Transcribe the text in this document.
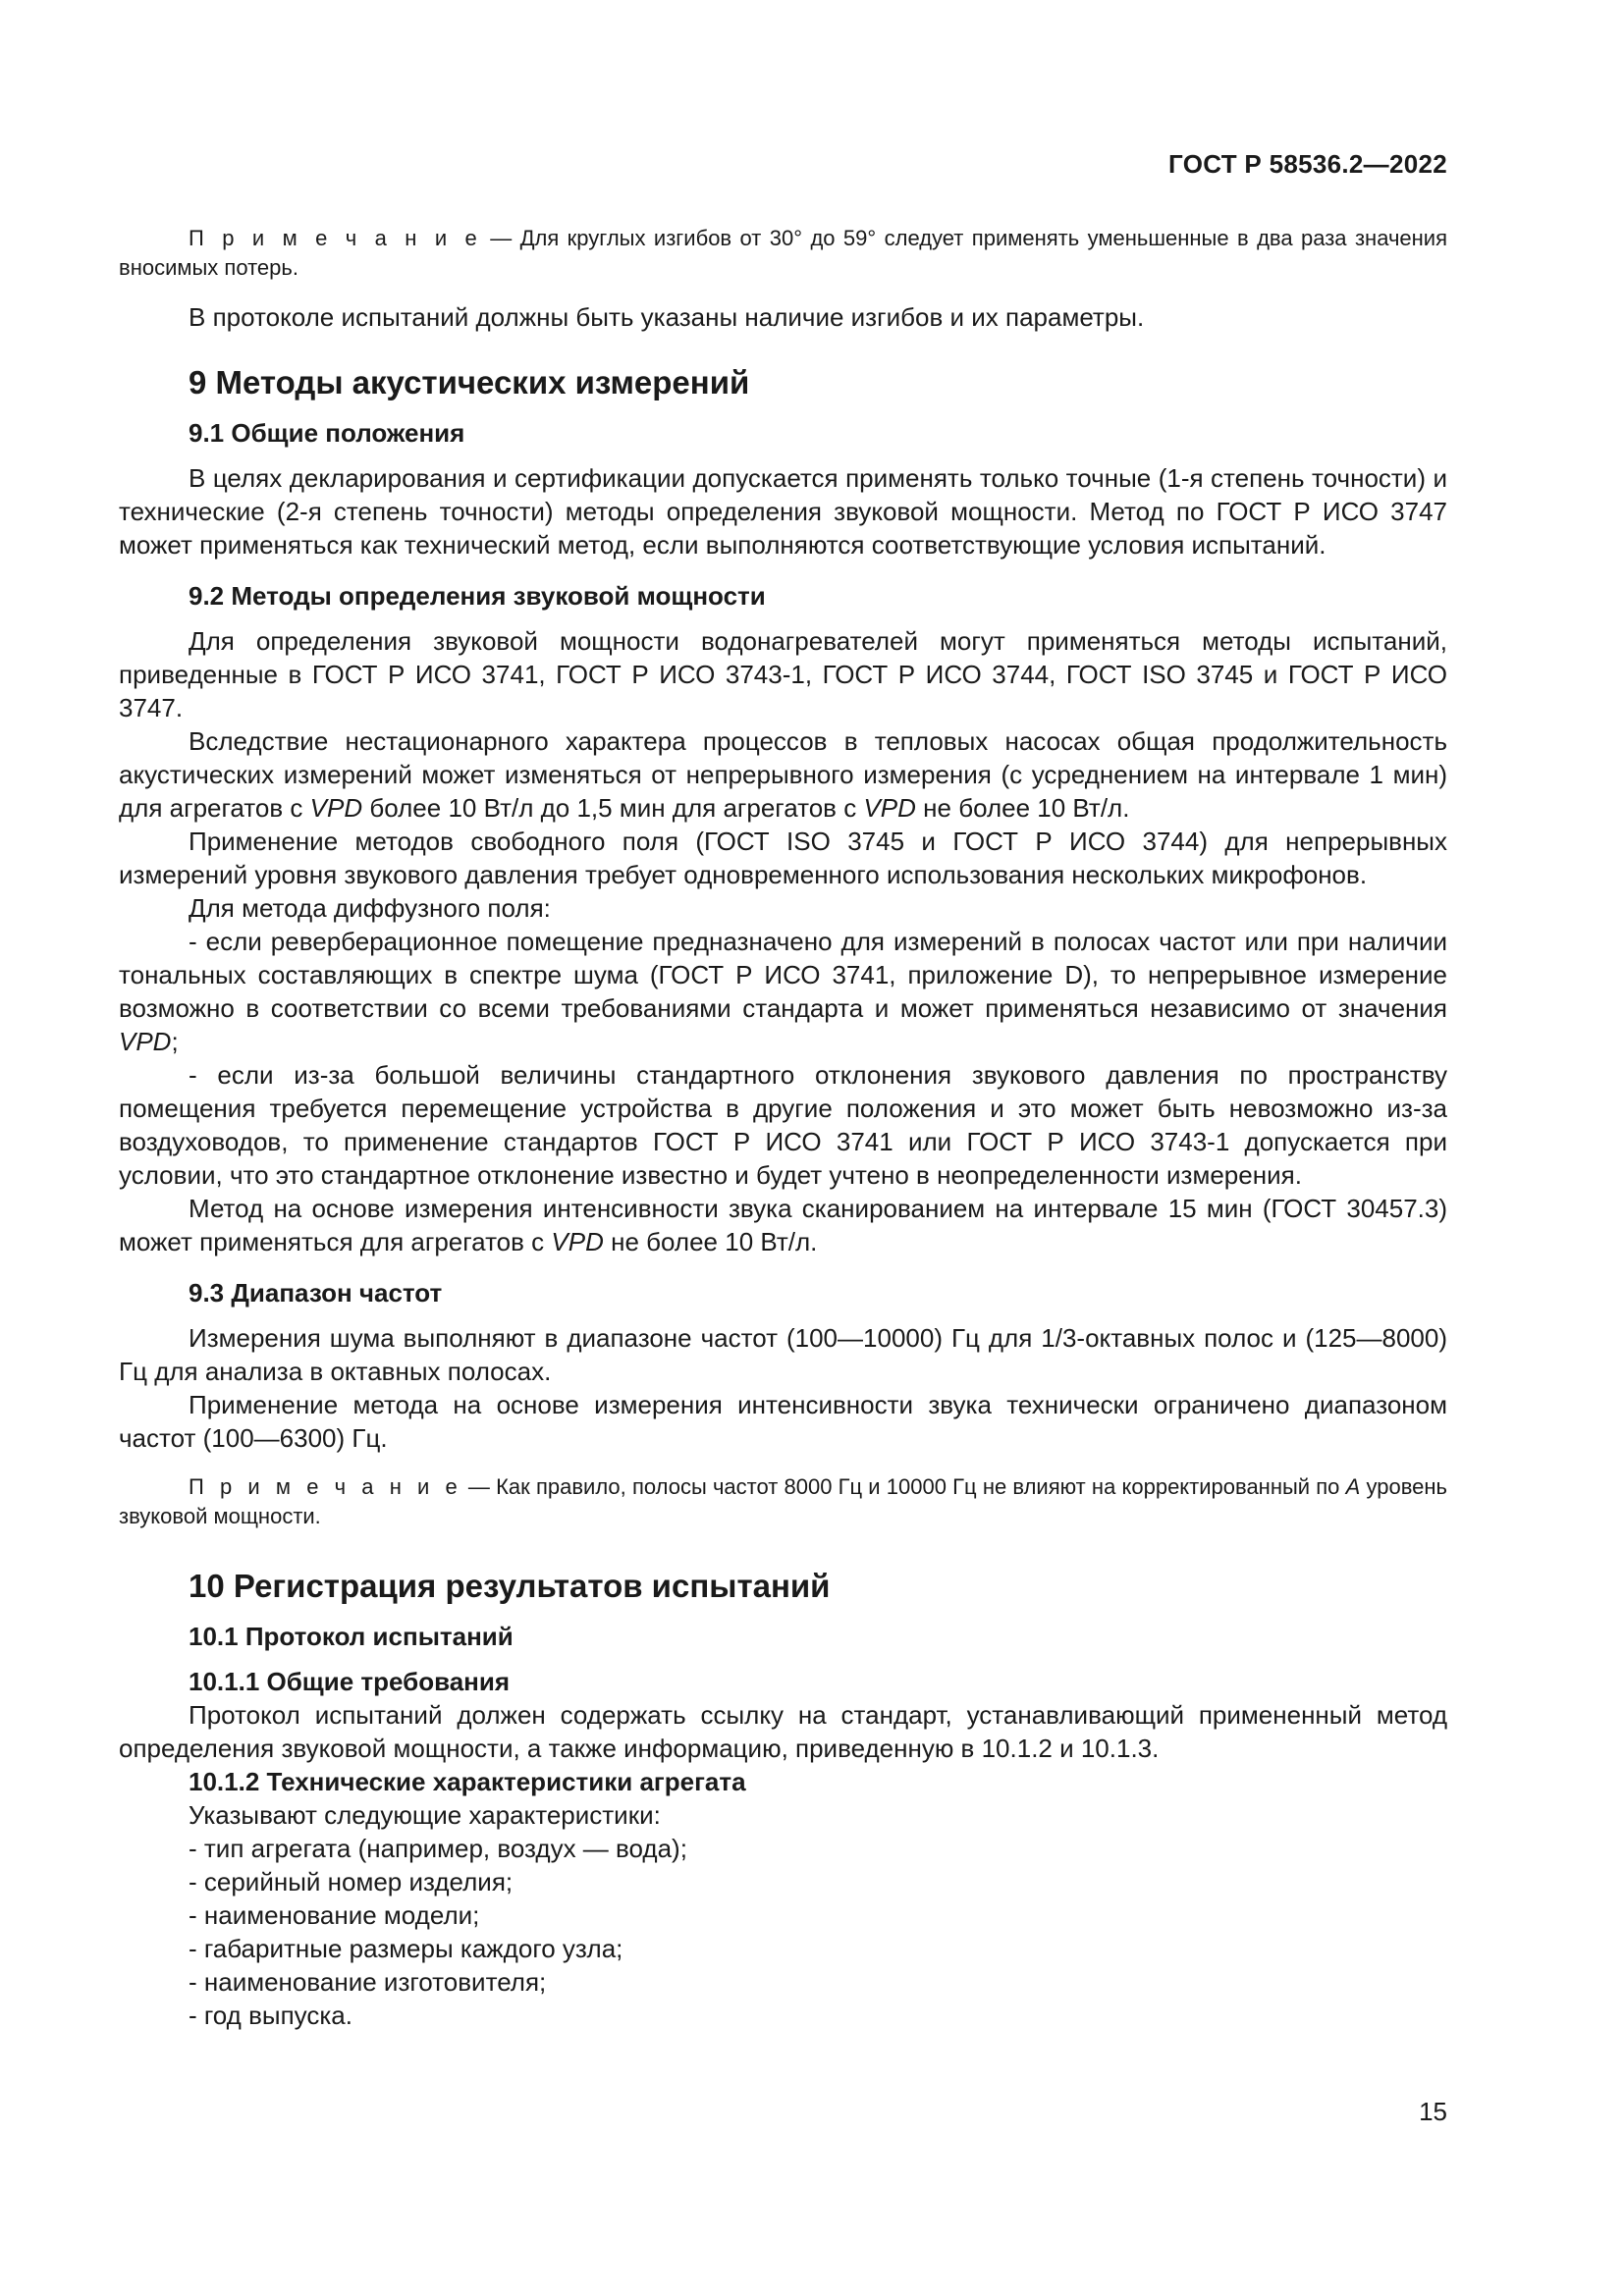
ГОСТ Р 58536.2—2022

П р и м е ч а н и е — Для круглых изгибов от 30° до 59° следует применять уменьшенные в два раза значения вносимых потерь.

В протоколе испытаний должны быть указаны наличие изгибов и их параметры.

9 Методы акустических измерений
9.1 Общие положения

В целях декларирования и сертификации допускается применять только точные (1-я степень точности) и технические (2-я степень точности) методы определения звуковой мощности. Метод по ГОСТ Р ИСО 3747 может применяться как технический метод, если выполняются соответствующие условия испытаний.

9.2 Методы определения звуковой мощности

Для определения звуковой мощности водонагревателей могут применяться методы испытаний, приведенные в ГОСТ Р ИСО 3741, ГОСТ Р ИСО 3743-1, ГОСТ Р ИСО 3744, ГОСТ ISO 3745 и ГОСТ Р ИСО 3747.

Вследствие нестационарного характера процессов в тепловых насосах общая продолжительность акустических измерений может изменяться от непрерывного измерения (с усреднением на интервале 1 мин) для агрегатов с VPD более 10 Вт/л до 1,5 мин для агрегатов с VPD не более 10 Вт/л.

Применение методов свободного поля (ГОСТ ISO 3745 и ГОСТ Р ИСО 3744) для непрерывных измерений уровня звукового давления требует одновременного использования нескольких микрофонов.

Для метода диффузного поля:

- если реверберационное помещение предназначено для измерений в полосах частот или при наличии тональных составляющих в спектре шума (ГОСТ Р ИСО 3741, приложение D), то непрерывное измерение возможно в соответствии со всеми требованиями стандарта и может применяться независимо от значения VPD;

- если из-за большой величины стандартного отклонения звукового давления по пространству помещения требуется перемещение устройства в другие положения и это может быть невозможно из-за воздуховодов, то применение стандартов ГОСТ Р ИСО 3741 или ГОСТ Р ИСО 3743-1 допускается при условии, что это стандартное отклонение известно и будет учтено в неопределенности измерения.

Метод на основе измерения интенсивности звука сканированием на интервале 15 мин (ГОСТ 30457.3) может применяться для агрегатов с VPD не более 10 Вт/л.

9.3 Диапазон частот

Измерения шума выполняют в диапазоне частот (100—10000) Гц для 1/3-октавных полос и (125—8000) Гц для анализа в октавных полосах.

Применение метода на основе измерения интенсивности звука технически ограничено диапазоном частот (100—6300) Гц.

П р и м е ч а н и е — Как правило, полосы частот 8000 Гц и 10000 Гц не влияют на корректированный по А уровень звуковой мощности.

10 Регистрация результатов испытаний
10.1 Протокол испытаний
10.1.1 Общие требования

Протокол испытаний должен содержать ссылку на стандарт, устанавливающий примененный метод определения звуковой мощности, а также информацию, приведенную в 10.1.2 и 10.1.3.

10.1.2 Технические характеристики агрегата

Указывают следующие характеристики:

- тип агрегата (например, воздух — вода);
- серийный номер изделия;
- наименование модели;
- габаритные размеры каждого узла;
- наименование изготовителя;
- год выпуска.
15
